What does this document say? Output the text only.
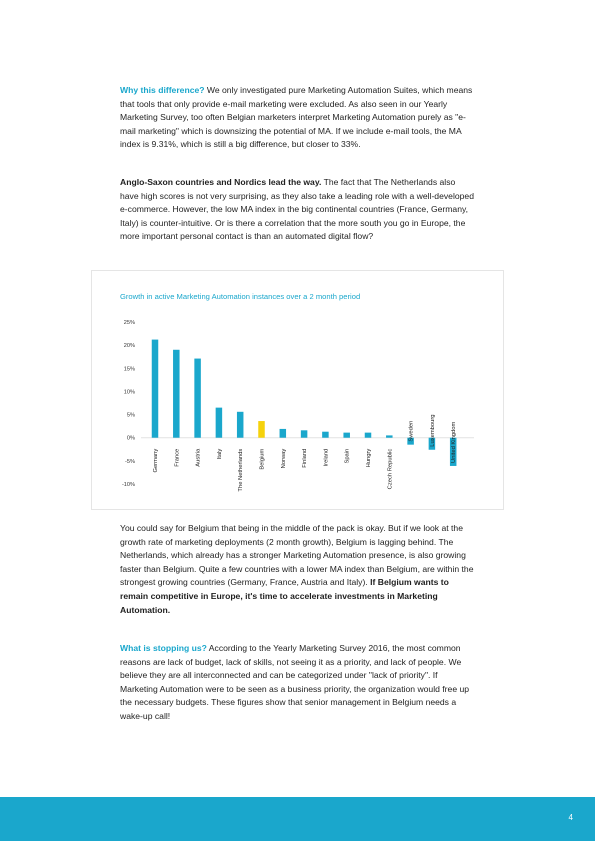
Why this difference? We only investigated pure Marketing Automation Suites, which means that tools that only provide e-mail marketing were excluded. As also seen in our Yearly Marketing Survey, too often Belgian marketers interpret Marketing Automation purely as "e-mail marketing" which is downsizing the potential of MA. If we include e-mail tools, the MA index is 9.31%, which is still a big difference, but closer to 33%.

Anglo-Saxon countries and Nordics lead the way. The fact that The Netherlands also have high scores is not very surprising, as they also take a leading role with a well-developed e-commerce. However, the low MA index in the big continental countries (France, Germany, Italy) is counter-intuitive. Or is there a correlation that the more south you go in Europe, the more important personal contact is than an automated digital flow?

Growth in active Marketing Automation instances over a 2 month period

25%
20%
15%
10%
5%
0%
-5%
-10%
Germany	France	Austria	Italy	The Netherlands	Belgium	Norway	Finland	Ireland	Spain	Hungry	Czech Republic
Sweden	Luxembourg	United Kingdom

You could say for Belgium that being in the middle of the pack is okay. But if we look at the growth rate of marketing deployments (2 month growth), Belgium is lagging behind. The Netherlands, which already has a stronger Marketing Automation presence, is also growing faster than Belgium. Quite a few countries with a lower MA index than Belgium, are within the strongest growing countries (Germany, France, Austria and Italy). If Belgium wants to remain competitive in Europe, it's time to accelerate investments in Marketing Automation.

What is stopping us? According to the Yearly Marketing Survey 2016, the most common reasons are lack of budget, lack of skills, not seeing it as a priority, and lack of people. We believe they are all interconnected and can be categorized under "lack of priority". If Marketing Automation were to be seen as a business priority, the organization would free up the necessary budgets. These figures show that senior management in Belgium needs a wake-up call!

4
